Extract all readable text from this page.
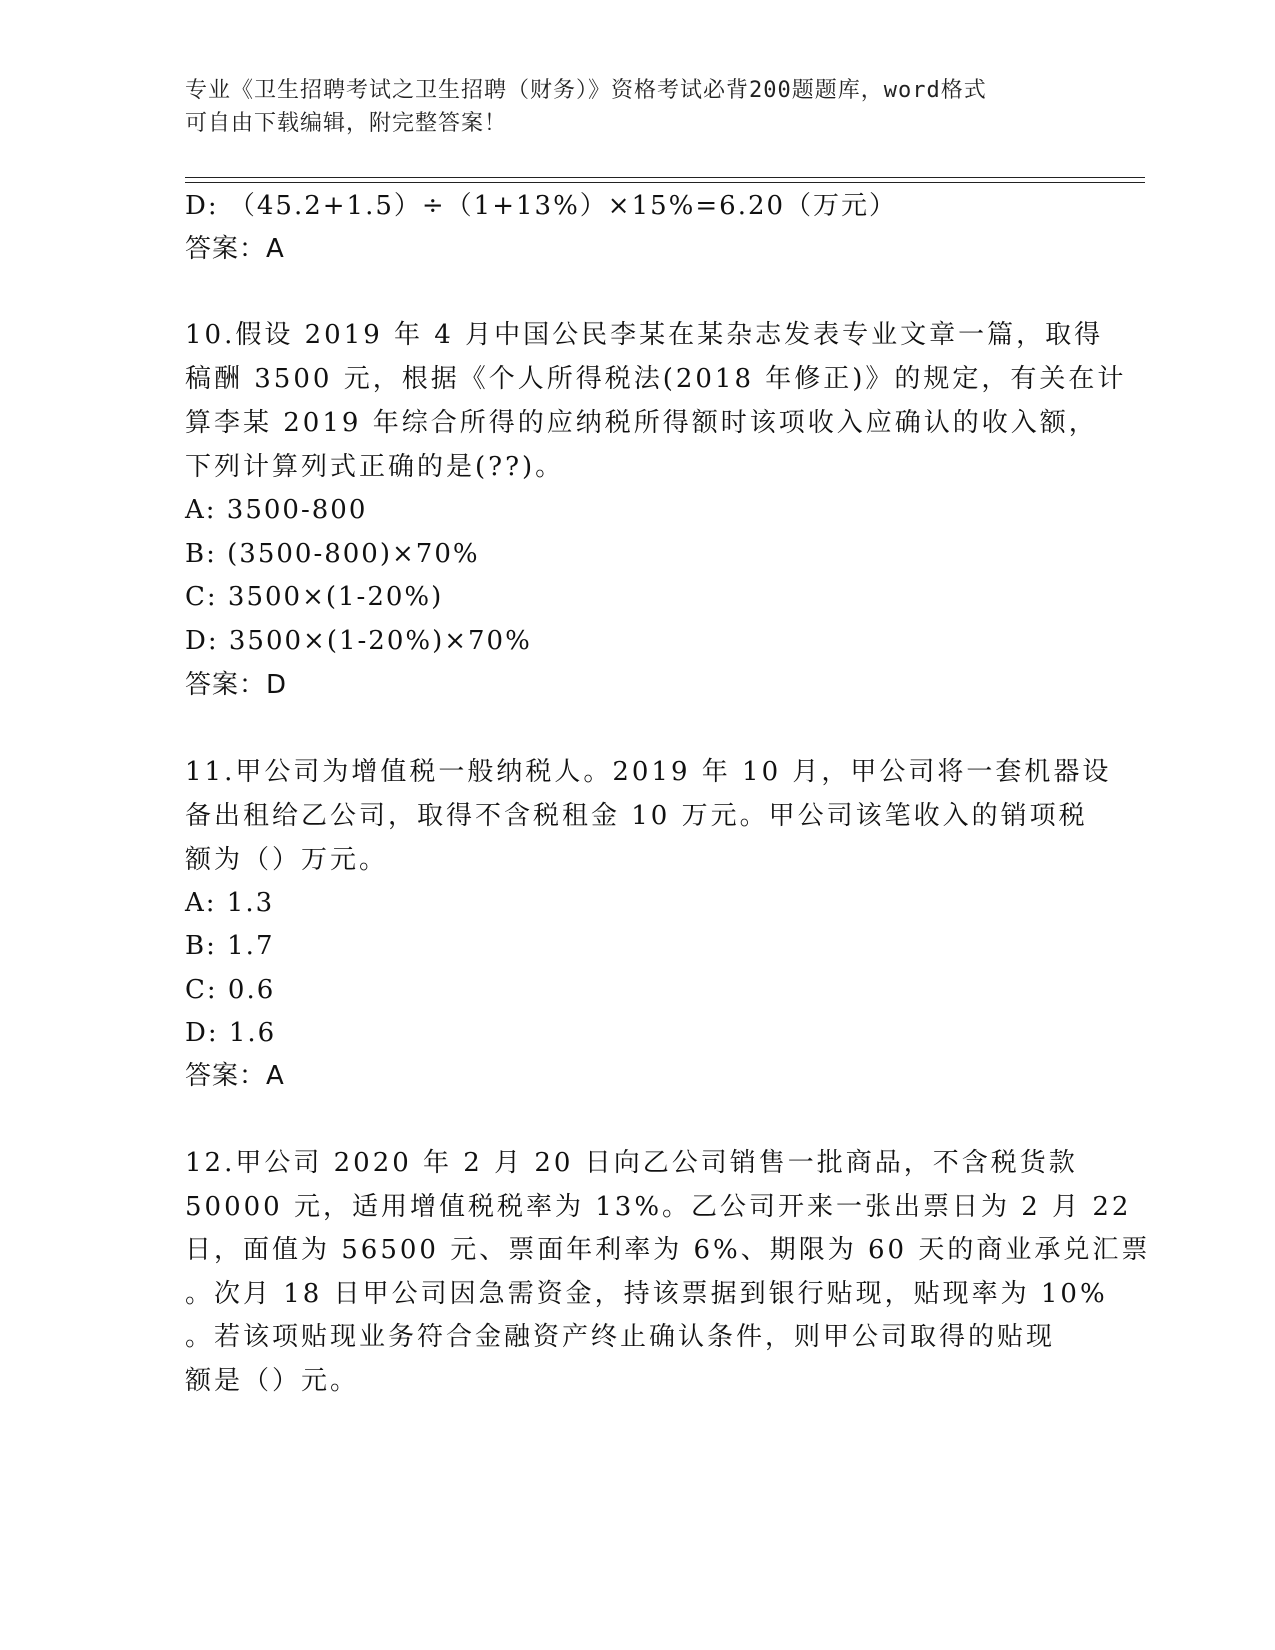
专业《卫生招聘考试之卫生招聘（财务）》资格考试必背200题题库，word格式
可自由下载编辑，附完整答案！
D: （45.2+1.5）÷（1+13%）×15%=6.20（万元）
答案：A
10.假设 2019 年 4 月中国公民李某在某杂志发表专业文章一篇，取得
稿酬 3500 元，根据《个人所得税法(2018 年修正)》的规定，有关在计
算李某 2019 年综合所得的应纳税所得额时该项收入应确认的收入额，
下列计算列式正确的是(??)。
A: 3500-800
B: (3500-800)×70%
C: 3500×(1-20%)
D: 3500×(1-20%)×70%
答案：D
11.甲公司为增值税一般纳税人。2019 年 10 月，甲公司将一套机器设
备出租给乙公司，取得不含税租金 10 万元。甲公司该笔收入的销项税
额为（）万元。
A: 1.3
B: 1.7
C: 0.6
D: 1.6
答案：A
12.甲公司 2020 年 2 月 20 日向乙公司销售一批商品，不含税货款
50000 元，适用增值税税率为 13%。乙公司开来一张出票日为 2 月 22
日，面值为 56500 元、票面年利率为 6%、期限为 60 天的商业承兑汇票
。次月 18 日甲公司因急需资金，持该票据到银行贴现，贴现率为 10%
。若该项贴现业务符合金融资产终止确认条件，则甲公司取得的贴现
额是（）元。
